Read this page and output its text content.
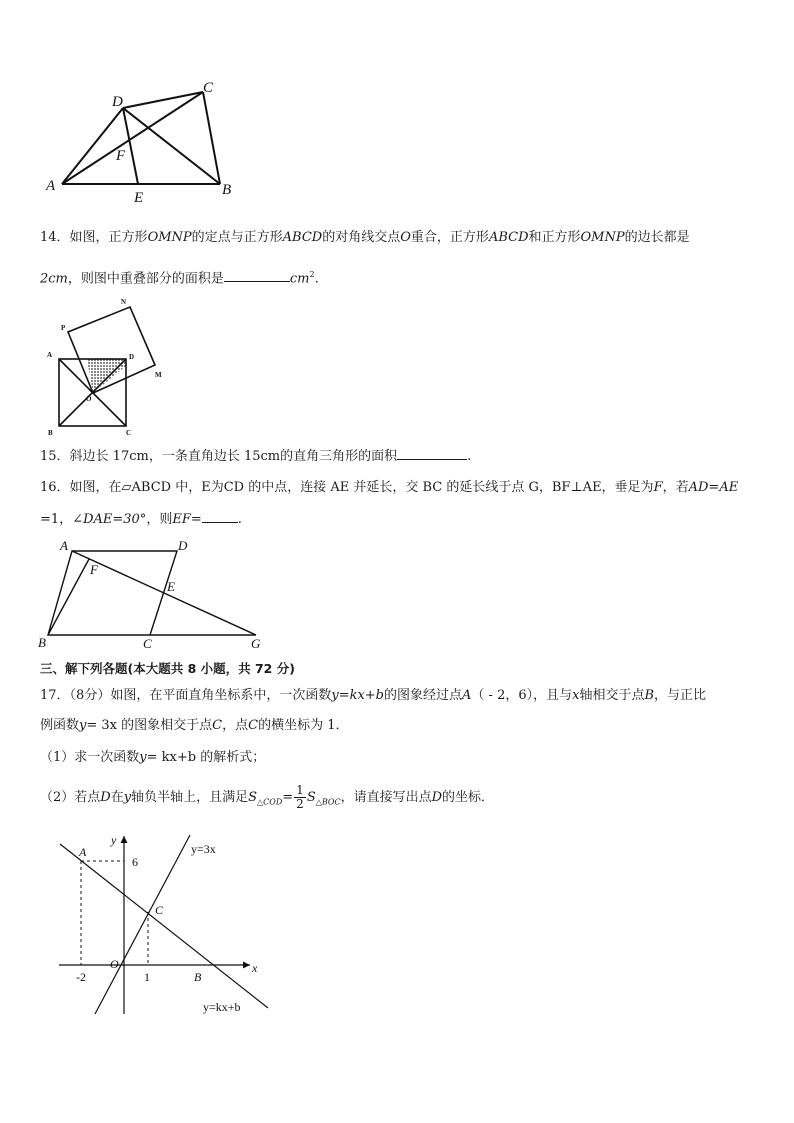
A	B
C
D
E
F
14．如图，正方形OMNP的定点与正方形ABCD的对角线交点O重合，正方形ABCD和正方形OMNP的边长都是
2cm，则图中重叠部分的面积是	$cm^2$.
P
N
A	D
M
O
B	C
15．斜边长 17cm，一条直角边长 15cm的直角三角形的面积	.
16．如图，在▱ABCD 中，E为CD 的中点，连接 AE 并延长，交 BC 的延长线于点 G，BF⊥AE，垂足为F，若AD=AE
=1，∠DAE=30°，则EF=	.
A	D
F
E
B	C	G
三、解下列各题(本大题共 8 小题，共 72 分)
17．（8分）如图，在平面直角坐标系中，一次函数y=kx+b的图象经过点A（ - 2，6），且与x轴相交于点B，与正比
例函数y= 3x 的图象相交于点C，点C的横坐标为 1．
（1）求一次函数y= kx+b 的解析式；
（2）若点D在y轴负半轴上，且满足$S_{\triangle COD}= \frac{1}{2} S_{\triangle BOC}$，请直接写出点D的坐标．
y
x
A
6
C
O
-2	1	B
y=3x
y=kx+b
